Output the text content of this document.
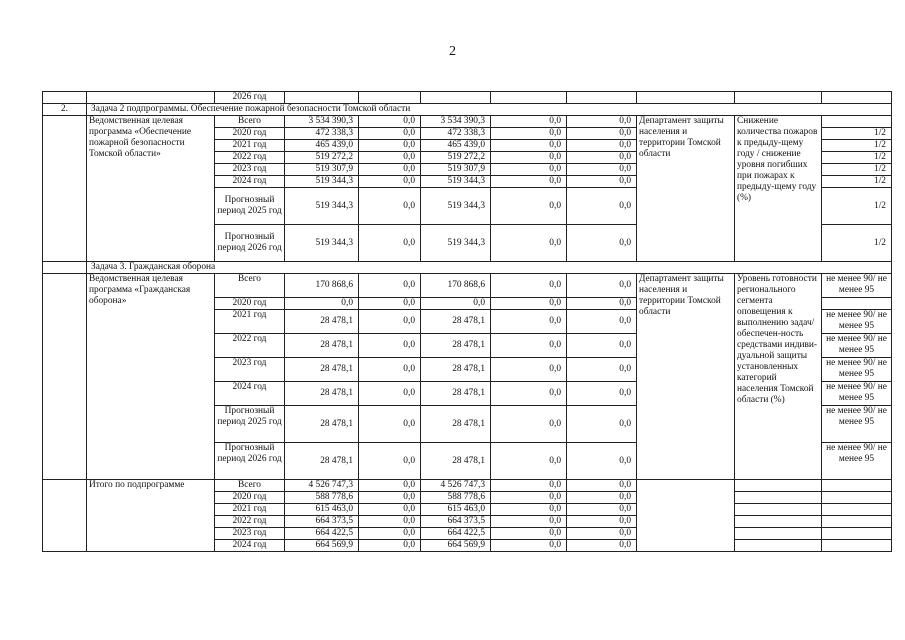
2
		2026 год								
2.	Задача 2 подпрограммы. Обеспечение пожарной безопасности Томской области									
	Ведомственная целевая программа «Обеспечение пожарной безопасности Томской области»	Всего	3 534 390,3	0,0	3 534 390,3	0,0	0,0	Департамент защиты населения и территории Томской области	Снижение количества пожаров к предыду-щему году / снижение уровня погибших при пожарах к предыду-щему году (%)	
		2020 год	472 338,3	0,0	472 338,3	0,0	0,0			1/2
		2021 год	465 439,0	0,0	465 439,0	0,0	0,0			1/2
		2022 год	519 272,2	0,0	519 272,2	0,0	0,0			1/2
		2023 год	519 307,9	0,0	519 307,9	0,0	0,0			1/2
		2024 год	519 344,3	0,0	519 344,3	0,0	0,0			1/2
		Прогнозный период 2025 год	519 344,3	0,0	519 344,3	0,0	0,0			1/2
		Прогнозный период 2026 год	519 344,3	0,0	519 344,3	0,0	0,0			1/2
	Задача 3. Гражданская оборона									
	Ведомственная целевая программа «Гражданская оборона»	Всего	170 868,6	0,0	170 868,6	0,0	0,0	Департамент защиты населения и территории Томской области	Уровень готовности регионального сегмента оповещения к выполнению задач/ обеспечен-ность средствами индиви-дуальной защиты установленных категорий населения Томской области (%)	не менее 90/ не менее 95
		2020 год	0,0	0,0	0,0	0,0	0,0			
		2021 год	28 478,1	0,0	28 478,1	0,0	0,0			не менее 90/ не менее 95
		2022 год	28 478,1	0,0	28 478,1	0,0	0,0			не менее 90/ не менее 95
		2023 год	28 478,1	0,0	28 478,1	0,0	0,0			не менее 90/ не менее 95
		2024 год	28 478,1	0,0	28 478,1	0,0	0,0			не менее 90/ не менее 95
		Прогнозный период 2025 год	28 478,1	0,0	28 478,1	0,0	0,0			не менее 90/ не менее 95
		Прогнозный период 2026 год	28 478,1	0,0	28 478,1	0,0	0,0			не менее 90/ не менее 95
	Итого по подпрограмме	Всего	4 526 747,3	0,0	4 526 747,3	0,0	0,0			
		2020 год	588 778,6	0,0	588 778,6	0,0	0,0			
		2021 год	615 463,0	0,0	615 463,0	0,0	0,0			
		2022 год	664 373,5	0,0	664 373,5	0,0	0,0			
		2023 год	664 422,5	0,0	664 422,5	0,0	0,0			
		2024 год	664 569,9	0,0	664 569,9	0,0	0,0			
